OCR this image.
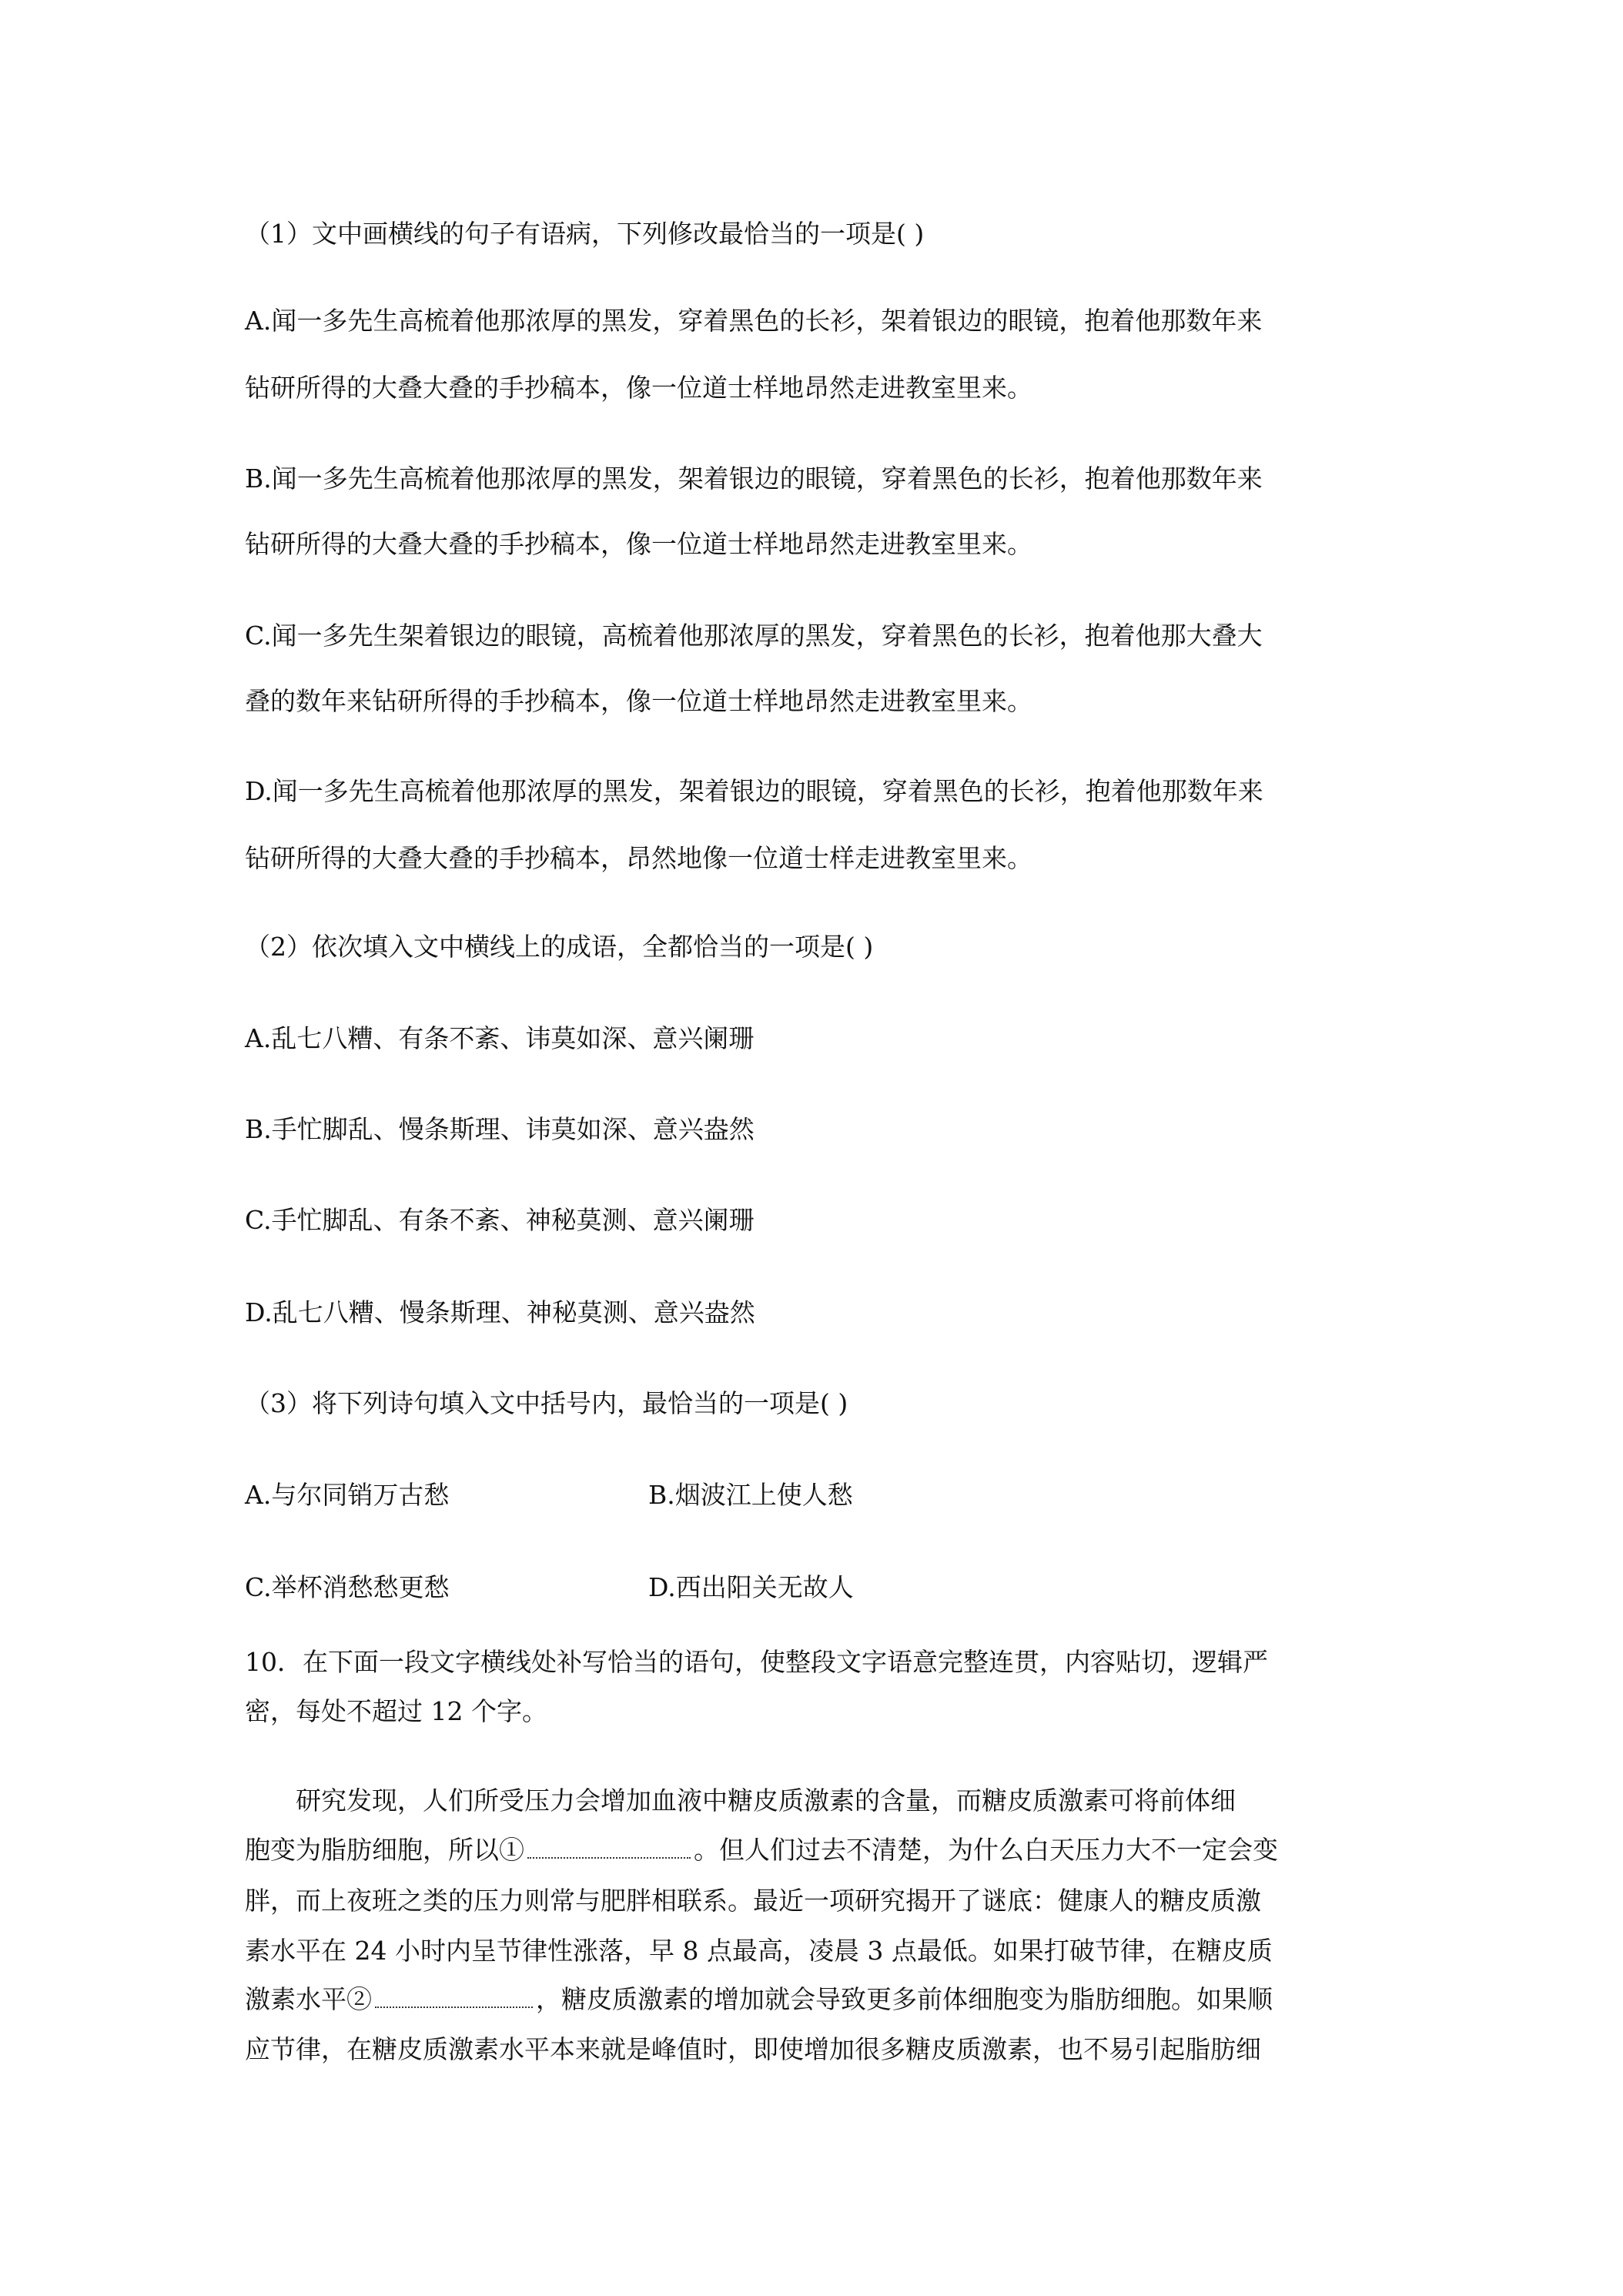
（1）文中画横线的句子有语病，下列修改最恰当的一项是( )
A.闻一多先生高梳着他那浓厚的黑发，穿着黑色的长衫，架着银边的眼镜，抱着他那数年来
钻研所得的大叠大叠的手抄稿本，像一位道士样地昂然走进教室里来。
B.闻一多先生高梳着他那浓厚的黑发，架着银边的眼镜，穿着黑色的长衫，抱着他那数年来
钻研所得的大叠大叠的手抄稿本，像一位道士样地昂然走进教室里来。
C.闻一多先生架着银边的眼镜，高梳着他那浓厚的黑发，穿着黑色的长衫，抱着他那大叠大
叠的数年来钻研所得的手抄稿本，像一位道士样地昂然走进教室里来。
D.闻一多先生高梳着他那浓厚的黑发，架着银边的眼镜，穿着黑色的长衫，抱着他那数年来
钻研所得的大叠大叠的手抄稿本，昂然地像一位道士样走进教室里来。
（2）依次填入文中横线上的成语，全都恰当的一项是( )
A.乱七八糟、有条不紊、讳莫如深、意兴阑珊
B.手忙脚乱、慢条斯理、讳莫如深、意兴盎然
C.手忙脚乱、有条不紊、神秘莫测、意兴阑珊
D.乱七八糟、慢条斯理、神秘莫测、意兴盎然
（3）将下列诗句填入文中括号内，最恰当的一项是( )
A.与尔同销万古愁	B.烟波江上使人愁
C.举杯消愁愁更愁	D.西出阳关无故人
10．在下面一段文字横线处补写恰当的语句，使整段文字语意完整连贯，内容贴切，逻辑严
密，每处不超过 12 个字。
研究发现，人们所受压力会增加血液中糖皮质激素的含量，而糖皮质激素可将前体细
胞变为脂肪细胞，所以①	。但人们过去不清楚，为什么白天压力大不一定会变
胖，而上夜班之类的压力则常与肥胖相联系。最近一项研究揭开了谜底：健康人的糖皮质激
素水平在 24 小时内呈节律性涨落，早 8 点最高，凌晨 3 点最低。如果打破节律，在糖皮质
激素水平②	，糖皮质激素的增加就会导致更多前体细胞变为脂肪细胞。如果顺
应节律，在糖皮质激素水平本来就是峰值时，即使增加很多糖皮质激素，也不易引起脂肪细
